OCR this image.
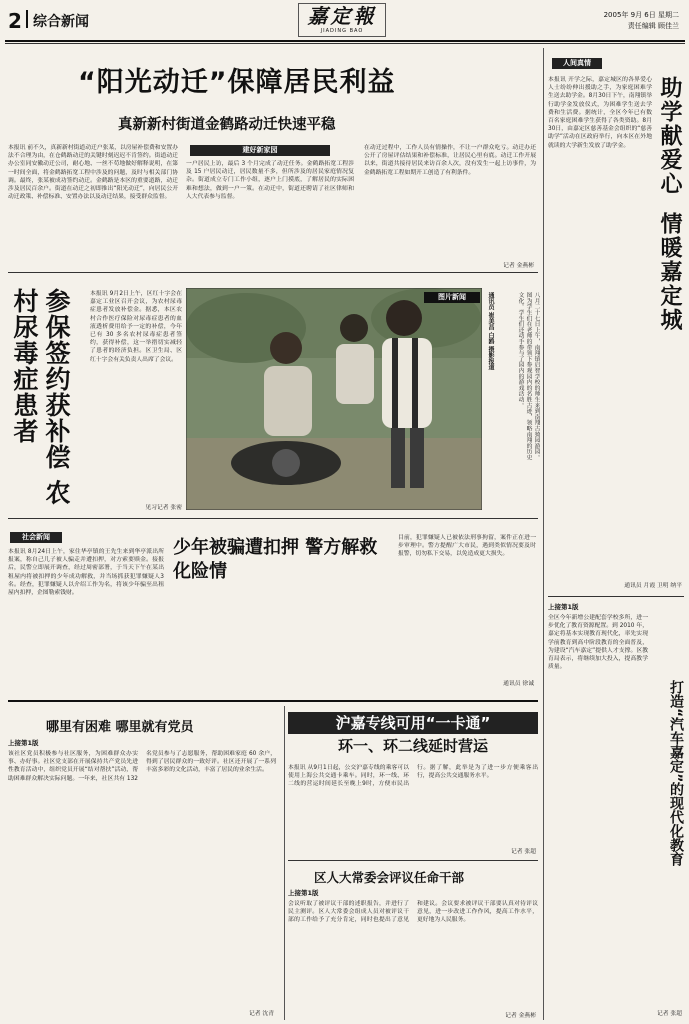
2 综合新闻	嘉定報
JIADING BAO
2005年 9月 6日 星期二
责任编辑 顾佳兰
“阳光动迁”保障居民利益
真新新村街道金鹤路动迁快速平稳
建好新家园
本报讯 前不久，真新新村街道动迁户张某，以房屋补偿费和安置办法不合理为由，在仓鹤路动迁的关键时刻迟迟不肯签约。街道动迁办公室同安徽动迁公司，耐心地、一丝不苟地做好解释说明，在第一时间全面，将金鹤路拓宽工程中涉及的问题，及时与相关部门协调。最终，张某被成功签约动迁。金鹤路是本区的重要道路，动迁涉及居民百余户。街道在动迁之初即推出“阳光动迁”，向居民公开动迁政策、补偿标准、安置办法以及动迁结果，接受群众监督。
一户居民上访，最后 3 个月完成了动迁任务。金鹤路拓宽工程涉及 15 户居民动迁，居民数量不多，但所涉及的居民家庭情况复杂。街道成立专门工作小组，逐户上门摸底，了解居民的实际困难和想法，做到一户一策。在动迁中，街道还聘请了社区律师和人大代表参与监督。
在动迁过程中，工作人员有情操作，不让一户群众吃亏。动迁办还公开了房屋评估结果和补偿标准，让居民心里有底。动迁工作开展以来，街道共接待居民来访百余人次，没有发生一起上访事件，为金鹤路拓宽工程如期开工创造了有利条件。
记者 金燕彬
参保签约获补偿 农村尿毒症患者	本报讯 9月2日上午，区红十字会在嘉定工业区召开会议，为农村尿毒症患者发放补偿金。据悉，本区农村合作医疗保险对尿毒症患者的血液透析费用给予一定的补偿，今年已有 30 多名农村尿毒症患者签约，获得补偿，这一举措切实减轻了患者的经济负担。区卫生局、区红十字会有关负责人出席了会议。
见习记者 张密
图片新闻	八月二十七日上午，南翔镇启智学校的师生来到南翔古猗园游园。图为学生们在老师的带领下参观园内的名胜古迹，领略南翔的历史文化。学生们还动手参与了园内的游戏活动。
通讯员 崔美昌 白鸥 摄影报道
社会新闻	少年被骗遭扣押 警方解救化险情
本报讯 8月24日上午，家住华亭镇的王先生来到华亭派出所报案，称自己儿子被人骗走并遭扣押，对方索要赎金。接报后，民警立即展开调查，经过周密部署，于当天下午在某出租屋内将被扣押的少年成功解救，并当场抓获犯罪嫌疑人3名。经查，犯罪嫌疑人以介绍工作为名，将该少年骗至出租屋内扣押，企图勒索钱财。
目前，犯罪嫌疑人已被依法刑事拘留，案件正在进一步审理中。警方提醒广大市民，遇到类似情况要及时报警，切勿私下交易，以免造成更大损失。
通讯员 徐诚
哪里有困难 哪里就有党员
上接第1版
该社区党员积极参与社区服务，为困难群众办实事、办好事。社区党支部在开展保持共产党员先进性教育活动中，组织党员开展“结对帮扶”活动，帮助困难群众解决实际问题。一年来，社区共有 132 名党员参与了志愿服务，帮助困难家庭 60 余户，得到了居民群众的一致好评。社区还开展了一系列丰富多彩的文化活动，丰富了居民的业余生活。
记者 沈青
沪嘉专线可用“一卡通”
环一、环二线延时营运
本报讯 从9月1日起，公交沪嘉专线的乘客可以使用上海公共交通卡乘车。同时，环一线、环二线的营运时间延长至晚上9时，方便市民出行。据了解，此举是为了进一步方便乘客出行，提高公共交通服务水平。
记者 张超
区人大常委会评议任命干部
上接第1版
会议听取了被评议干部的述职报告，并进行了民主测评。区人大常委会组成人员对被评议干部的工作给予了充分肯定，同时也提出了意见和建议。会议要求被评议干部要认真对待评议意见，进一步改进工作作风，提高工作水平，更好地为人民服务。
记者 金燕彬
人间真情
助学献爱心
情暖嘉定城
本报讯 开学之际，嘉定城区的各界爱心人士纷纷伸出援助之手，为家庭困难学生送去助学金。8月30日下午，南翔镇举行助学金发放仪式，为困难学生送去学费和生活费。据统计，全区今年已有数百名家庭困难学生获得了各类资助。8月30日，由嘉定区慈善基金会组织的“慈善助学”活动在区政府举行，向本区在外地就读的大学新生发放了助学金。
通讯员 月霞 卫明 纳平
上接第1版
打造“汽车嘉定”的现代化教育
全区今年新增公建配套学校多所，进一步优化了教育资源配置。到 2010 年，嘉定将基本实现教育现代化，率先实现学前教育到高中阶段教育的全面普及，为建设“汽车嘉定”提供人才支撑。区教育局表示，将继续加大投入，提高教学质量。
记者 张超
